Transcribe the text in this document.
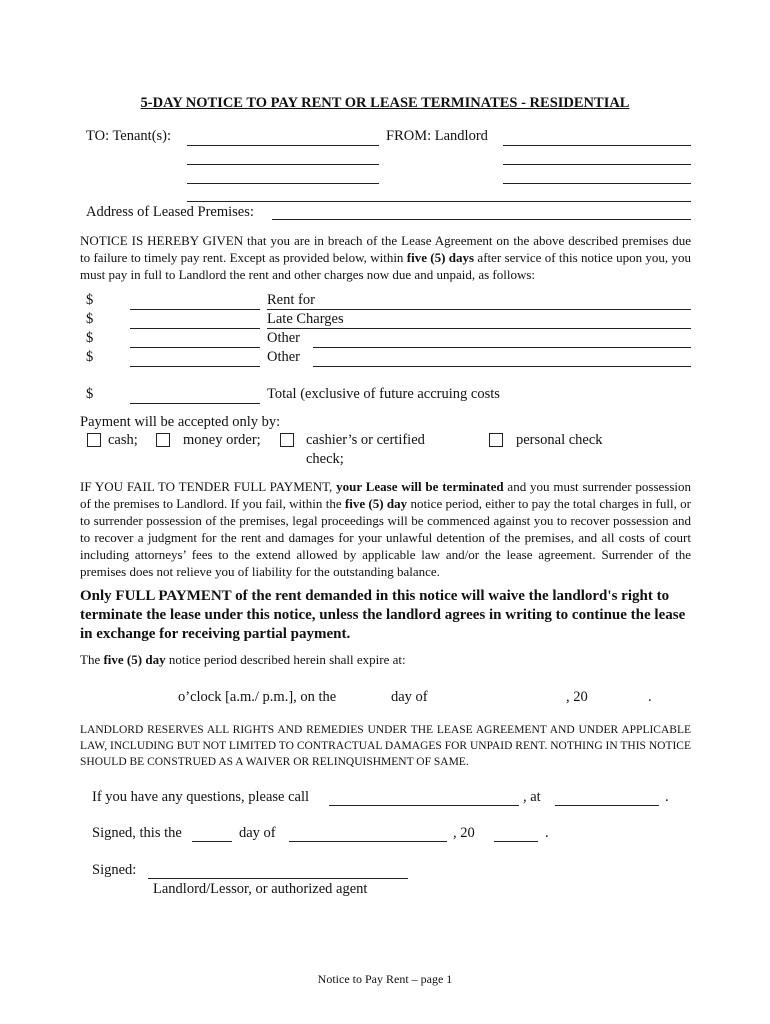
5-DAY NOTICE TO PAY RENT OR LEASE TERMINATES - RESIDENTIAL
TO: Tenant(s):	FROM: Landlord
Address of Leased Premises:
NOTICE IS HEREBY GIVEN that you are in breach of the Lease Agreement on the above described premises due to failure to timely pay rent. Except as provided below, within five (5) days after service of this notice upon you, you must pay in full to Landlord the rent and other charges now due and unpaid, as follows:
$	Rent for
$	Late Charges
$	Other
$	Other
$	Total (exclusive of future accruing costs
Payment will be accepted only by:
cash;	money order;	cashier’s or certified
check;
personal check
IF YOU FAIL TO TENDER FULL PAYMENT, your Lease will be terminated and you must surrender possession of the premises to Landlord. If you fail, within the five (5) day notice period, either to pay the total charges in full, or to surrender possession of the premises, legal proceedings will be commenced against you to recover possession and to recover a judgment for the rent and damages for your unlawful detention of the premises, and all costs of court including attorneys’ fees to the extend allowed by applicable law and/or the lease agreement. Surrender of the premises does not relieve you of liability for the outstanding balance.
Only FULL PAYMENT of the rent demanded in this notice will waive the landlord's right to terminate the lease under this notice, unless the landlord agrees in writing to continue the lease in exchange for receiving partial payment.
The five (5) day notice period described herein shall expire at:
o’clock [a.m./ p.m.], on the	day of	, 20	.
LANDLORD RESERVES ALL RIGHTS AND REMEDIES UNDER THE LEASE AGREEMENT AND UNDER APPLICABLE LAW, INCLUDING BUT NOT LIMITED TO CONTRACTUAL DAMAGES FOR UNPAID RENT. NOTHING IN THIS NOTICE SHOULD BE CONSTRUED AS A WAIVER OR RELINQUISHMENT OF SAME.
If you have any questions, please call	, at	.
Signed, this the	day of	, 20	.
Signed:
Landlord/Lessor, or authorized agent
Notice to Pay Rent – page 1
